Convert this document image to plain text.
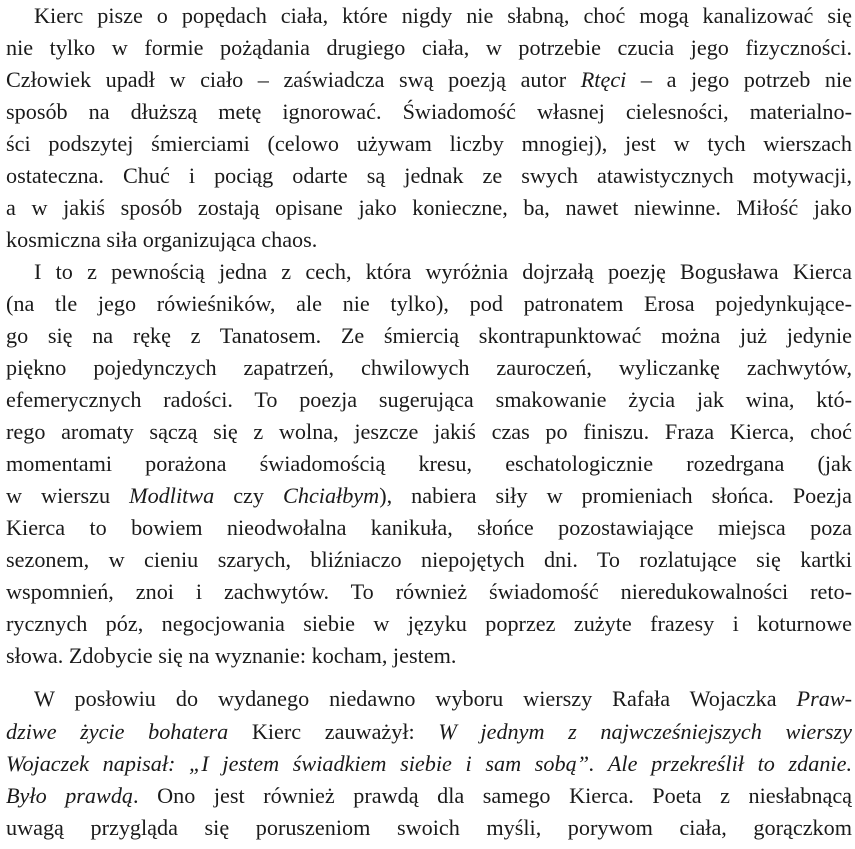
Kierc pisze o popędach ciała, które nigdy nie słabną, choć mogą kanalizować się
nie tylko w formie pożądania drugiego ciała, w potrzebie czucia jego fizyczności.
Człowiek upadł w ciało – zaświadcza swą poezją autor Rtęci – a jego potrzeb nie
sposób na dłuższą metę ignorować. Świadomość własnej cielesności, materialno-
ści podszytej śmierciami (celowo używam liczby mnogiej), jest w tych wierszach
ostateczna. Chuć i pociąg odarte są jednak ze swych atawistycznych motywacji,
a w jakiś sposób zostają opisane jako konieczne, ba, nawet niewinne. Miłość jako
kosmiczna siła organizująca chaos.
I to z pewnością jedna z cech, która wyróżnia dojrzałą poezję Bogusława Kierca
(na tle jego rówieśników, ale nie tylko), pod patronatem Erosa pojedynkujące-
go się na rękę z Tanatosem. Ze śmiercią skontrapunktować można już jedynie
piękno pojedynczych zapatrzeń, chwilowych zauroczeń, wyliczankę zachwytów,
efemerycznych radości. To poezja sugerująca smakowanie życia jak wina, któ-
rego aromaty sączą się z wolna, jeszcze jakiś czas po finiszu. Fraza Kierca, choć
momentami porażona świadomością kresu, eschatologicznie rozedrgana (jak
w wierszu Modlitwa czy Chciałbym), nabiera siły w promieniach słońca. Poezja
Kierca to bowiem nieodwołalna kanikuła, słońce pozostawiające miejsca poza
sezonem, w cieniu szarych, bliźniaczo niepojętych dni. To rozlatujące się kartki
wspomnień, znoi i zachwytów. To również świadomość nieredukowalności reto-
rycznych póz, negocjowania siebie w języku poprzez zużyte frazesy i koturnowe
słowa. Zdobycie się na wyznanie: kocham, jestem.
W posłowiu do wydanego niedawno wyboru wierszy Rafała Wojaczka Praw-
dziwe życie bohatera Kierc zauważył: W jednym z najwcześniejszych wierszy
Wojaczek napisał: „I jestem świadkiem siebie i sam sobą”. Ale przekreślił to zdanie.
Było prawdą. Ono jest również prawdą dla samego Kierca. Poeta z niesłabnącą
uwagą przygląda się poruszeniom swoich myśli, porywom ciała, gorączkom
